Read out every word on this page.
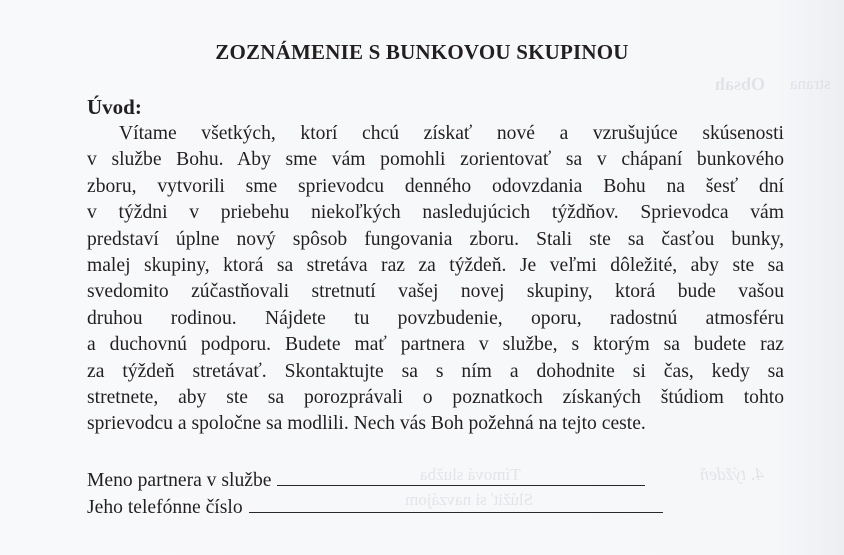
Obsah strana
4. týždeň
Tímová služba
Slúžiť si navzájom
ZOZNÁMENIE S BUNKOVOU SKUPINOU
Úvod:
Vítame všetkých, ktorí chcú získať nové a vzrušujúce skúsenosti
v službe Bohu. Aby sme vám pomohli zorientovať sa v chápaní bunkového
zboru, vytvorili sme sprievodcu denného odovzdania Bohu na šesť dní
v týždni v priebehu niekoľkých nasledujúcich týždňov. Sprievodca vám
predstaví úplne nový spôsob fungovania zboru. Stali ste sa časťou bunky,
malej skupiny, ktorá sa stretáva raz za týždeň. Je veľmi dôležité, aby ste sa
svedomito zúčastňovali stretnutí vašej novej skupiny, ktorá bude vašou
druhou rodinou. Nájdete tu povzbudenie, oporu, radostnú atmosféru
a duchovnú podporu. Budete mať partnera v službe, s ktorým sa budete raz
za týždeň stretávať. Skontaktujte sa s ním a dohodnite si čas, kedy sa
stretnete, aby ste sa porozprávali o poznatkoch získaných štúdiom tohto
sprievodcu a spoločne sa modlili. Nech vás Boh požehná na tejto ceste.
Meno partnera v službe
Jeho telefónne číslo
